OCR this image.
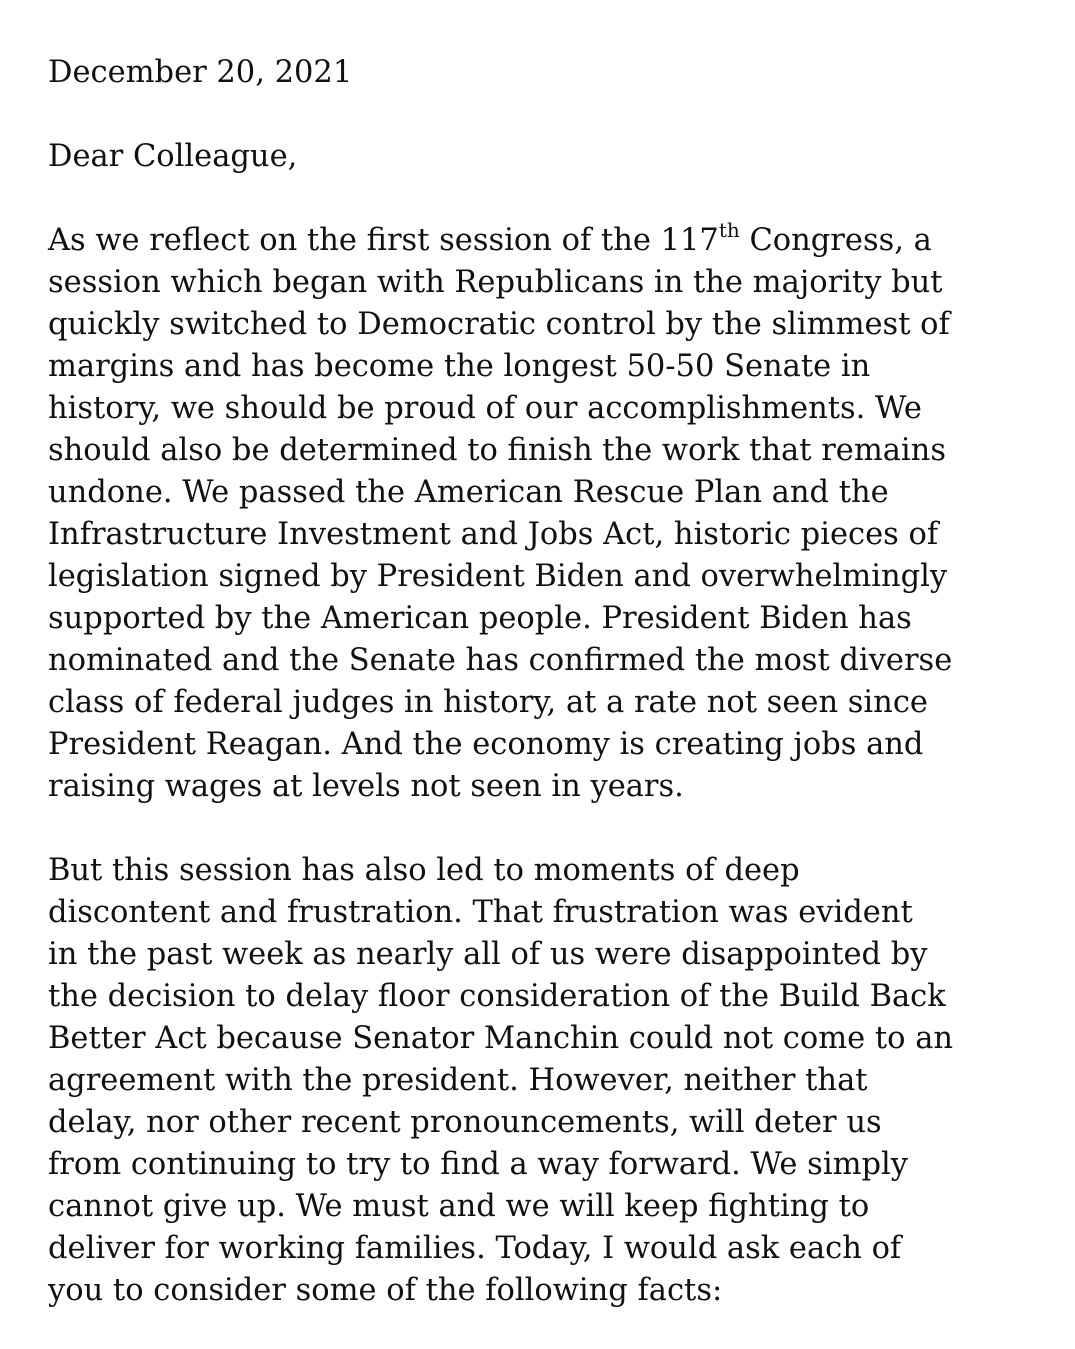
December 20, 2021
Dear Colleague,
As we reflect on the first session of the 117th Congress, a
session which began with Republicans in the majority but
quickly switched to Democratic control by the slimmest of
margins and has become the longest 50-50 Senate in
history, we should be proud of our accomplishments. We
should also be determined to finish the work that remains
undone. We passed the American Rescue Plan and the
Infrastructure Investment and Jobs Act, historic pieces of
legislation signed by President Biden and overwhelmingly
supported by the American people. President Biden has
nominated and the Senate has confirmed the most diverse
class of federal judges in history, at a rate not seen since
President Reagan. And the economy is creating jobs and
raising wages at levels not seen in years.
But this session has also led to moments of deep
discontent and frustration. That frustration was evident
in the past week as nearly all of us were disappointed by
the decision to delay floor consideration of the Build Back
Better Act because Senator Manchin could not come to an
agreement with the president. However, neither that
delay, nor other recent pronouncements, will deter us
from continuing to try to find a way forward. We simply
cannot give up. We must and we will keep fighting to
deliver for working families. Today, I would ask each of
you to consider some of the following facts:
